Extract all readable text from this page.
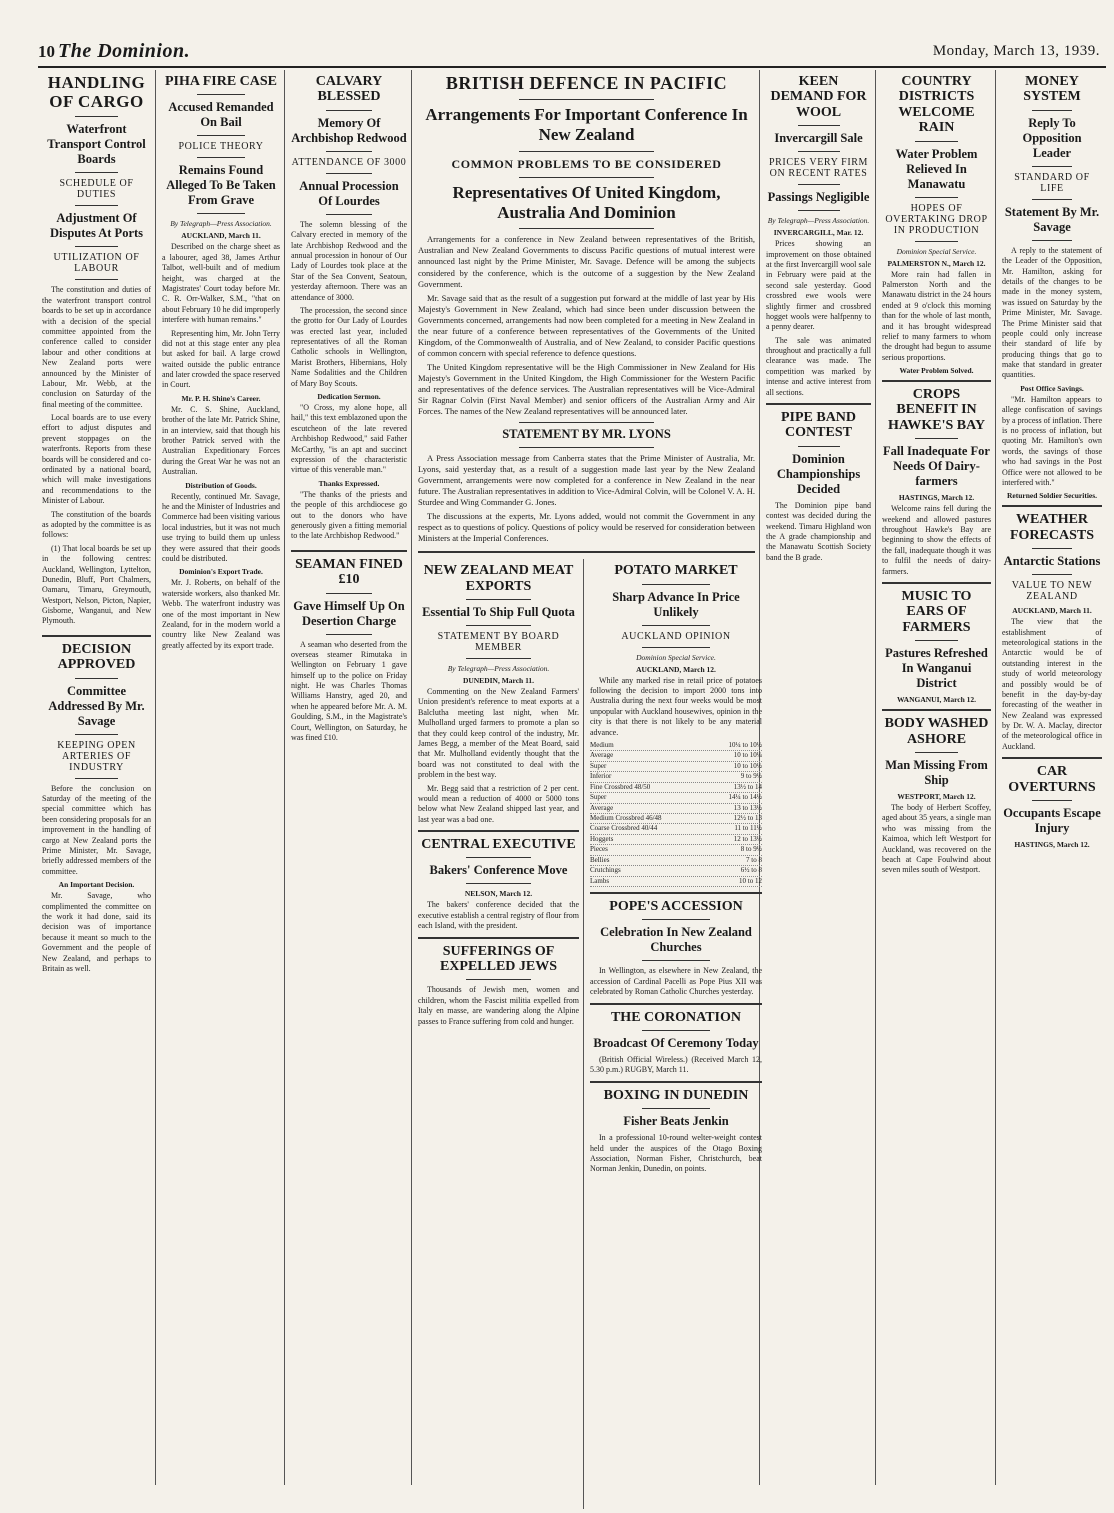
10 The Dominion.	Monday, March 13, 1939.
HANDLING OF CARGO
Waterfront Transport Control Boards
SCHEDULE OF DUTIES
Adjustment Of Disputes At Ports
UTILIZATION OF LABOUR

The constitution and duties of the waterfront transport control boards to be set up in accordance with a decision of the special committee appointed from the conference called to consider labour and other conditions at New Zealand ports were announced by the Minister of Labour, Mr. Webb, at the conclusion on Saturday of the final meeting of the committee.

Local boards are to use every effort to adjust disputes and prevent stoppages on the waterfronts. Reports from these boards will be considered and co-ordinated by a national board, which will make investigations and recommendations to the Minister of Labour.

The constitution of the boards as adopted by the committee is as follows:

(1) That local boards be set up in the following centres: Auckland, Wellington, Lyttelton, Dunedin, Bluff, Port Chalmers, Oamaru, Timaru, Greymouth, Westport, Nelson, Picton, Napier, Gisborne, Wanganui, and New Plymouth.

DECISION APPROVED
Committee Addressed By Mr. Savage
KEEPING OPEN ARTERIES OF INDUSTRY

Before the conclusion on Saturday of the meeting of the special committee which has been considering proposals for an improvement in the handling of cargo at New Zealand ports the Prime Minister, Mr. Savage, briefly addressed members of the committee.

An Important Decision.

Mr. Savage, who complimented the committee on the work it had done, said its decision was of importance because it meant so much to the Government and the people of New Zealand, and perhaps to Britain as well.

PIHA FIRE CASE
Accused Remanded On Bail
POLICE THEORY
Remains Found Alleged To Be Taken From Grave
By Telegraph—Press Association.
AUCKLAND, March 11.

Described on the charge sheet as a labourer, aged 38, James Arthur Talbot, well-built and of medium height, was charged at the Magistrates' Court today before Mr. C. R. Orr-Walker, S.M., "that on about February 10 he did improperly interfere with human remains."

Representing him, Mr. John Terry did not at this stage enter any plea but asked for bail. A large crowd waited outside the public entrance and later crowded the space reserved in Court.

Mr. P. H. Shine's Career.

Mr. C. S. Shine, Auckland, brother of the late Mr. Patrick Shine, in an interview, said that though his brother Patrick served with the Australian Expeditionary Forces during the Great War he was not an Australian.

Distribution of Goods.

Recently, continued Mr. Savage, he and the Minister of Industries and Commerce had been visiting various local industries, but it was not much use trying to build them up unless they were assured that their goods could be distributed.

Dominion's Export Trade.

Mr. J. Roberts, on behalf of the waterside workers, also thanked Mr. Webb. The waterfront industry was one of the most important in New Zealand, for in the modern world a country like New Zealand was greatly affected by its export trade.

CALVARY BLESSED
Memory Of Archbishop Redwood
ATTENDANCE OF 3000
Annual Procession Of Lourdes

The solemn blessing of the Calvary erected in memory of the late Archbishop Redwood and the annual procession in honour of Our Lady of Lourdes took place at the Star of the Sea Convent, Seatoun, yesterday afternoon. There was an attendance of 3000.

The procession, the second since the grotto for Our Lady of Lourdes was erected last year, included representatives of all the Roman Catholic schools in Wellington, Marist Brothers, Hibernians, Holy Name Sodalities and the Children of Mary Boy Scouts.

Dedication Sermon.

"O Cross, my alone hope, all hail," this text emblazoned upon the escutcheon of the late revered Archbishop Redwood," said Father McCarthy, "is an apt and succinct expression of the characteristic virtue of this venerable man."

Thanks Expressed.

"The thanks of the priests and the people of this archdiocese go out to the donors who have generously given a fitting memorial to the late Archbishop Redwood."

SEAMAN FINED £10
Gave Himself Up On Desertion Charge

A seaman who deserted from the overseas steamer Rimutaka in Wellington on February 1 gave himself up to the police on Friday night. He was Charles Thomas Williams Hanstry, aged 20, and when he appeared before Mr. A. M. Goulding, S.M., in the Magistrate's Court, Wellington, on Saturday, he was fined £10.

BRITISH DEFENCE IN PACIFIC
Arrangements For Important Conference In New Zealand
COMMON PROBLEMS TO BE CONSIDERED
Representatives Of United Kingdom, Australia And Dominion

Arrangements for a conference in New Zealand between representatives of the British, Australian and New Zealand Governments to discuss Pacific questions of mutual interest were announced last night by the Prime Minister, Mr. Savage. Defence will be among the subjects considered by the conference, which is the outcome of a suggestion by the New Zealand Government.

Mr. Savage said that as the result of a suggestion put forward at the middle of last year by His Majesty's Government in New Zealand, which had since been under discussion between the Governments concerned, arrangements had now been completed for a meeting in New Zealand in the near future of a conference between representatives of the Governments of the United Kingdom, of the Commonwealth of Australia, and of New Zealand, to consider Pacific questions of common concern with special reference to defence questions.

The United Kingdom representative will be the High Commissioner in New Zealand for His Majesty's Government in the United Kingdom, the High Commissioner for the Western Pacific and representatives of the defence services. The Australian representatives will be Vice-Admiral Sir Ragnar Colvin (First Naval Member) and senior officers of the Australian Army and Air Forces. The names of the New Zealand representatives will be announced later.

STATEMENT BY MR. LYONS

A Press Association message from Canberra states that the Prime Minister of Australia, Mr. Lyons, said yesterday that, as a result of a suggestion made last year by the New Zealand Government, arrangements were now completed for a conference in New Zealand in the near future. The Australian representatives in addition to Vice-Admiral Colvin, will be Colonel V. A. H. Sturdee and Wing Commander G. Jones.

The discussions at the experts, Mr. Lyons added, would not commit the Government in any respect as to questions of policy. Questions of policy would be reserved for consideration between Ministers at the Imperial Conferences.

NEW ZEALAND MEAT EXPORTS
Essential To Ship Full Quota
STATEMENT BY BOARD MEMBER
By Telegraph—Press Association.
DUNEDIN, March 11.

Commenting on the New Zealand Farmers' Union president's reference to meat exports at a Balclutha meeting last night, when Mr. Mulholland urged farmers to promote a plan so that they could keep control of the industry, Mr. James Begg, a member of the Meat Board, said that Mr. Mulholland evidently thought that the board was not constituted to deal with the problem in the best way.

Mr. Begg said that a restriction of 2 per cent. would mean a reduction of 4000 or 5000 tons below what New Zealand shipped last year, and last year was a bad one.

CENTRAL EXECUTIVE
Bakers' Conference Move
NELSON, March 12.

The bakers' conference decided that the executive establish a central registry of flour from each Island, with the president.

SUFFERINGS OF EXPELLED JEWS

Thousands of Jewish men, women and children, whom the Fascist militia expelled from Italy en masse, are wandering along the Alpine passes to France suffering from cold and hunger.

POTATO MARKET
Sharp Advance In Price Unlikely
AUCKLAND OPINION
Dominion Special Service.
AUCKLAND, March 12.

While any marked rise in retail price of potatoes following the decision to import 2000 tons into Australia during the next four weeks would be most unpopular with Auckland housewives, opinion in the city is that there is not likely to be any material advance.

Medium	10¼ to 10½
Average	10 to 10¼
Super	10 to 10½
Inferior	9 to 9½
Fine Crossbred 48/50	13½ to 14
Super	14¼ to 14½
Average	13 to 13½
Medium Crossbred 46/48	12½ to 13
Coarse Crossbred 40/44	11 to 11½
Hoggets	12 to 13½
Pieces	8 to 9½
Bellies	7 to 8
Crutchings	6½ to 8
Lambs	10 to 12
POPE'S ACCESSION
Celebration In New Zealand Churches

In Wellington, as elsewhere in New Zealand, the accession of Cardinal Pacelli as Pope Pius XII was celebrated by Roman Catholic Churches yesterday.

THE CORONATION
Broadcast Of Ceremony Today

(British Official Wireless.) (Received March 12, 5.30 p.m.) RUGBY, March 11.

BOXING IN DUNEDIN
Fisher Beats Jenkin

In a professional 10-round welter-weight contest held under the auspices of the Otago Boxing Association, Norman Fisher, Christchurch, beat Norman Jenkin, Dunedin, on points.

KEEN DEMAND FOR WOOL
Invercargill Sale
PRICES VERY FIRM ON RECENT RATES
Passings Negligible
By Telegraph—Press Association.
INVERCARGILL, Mar. 12.

Prices showing an improvement on those obtained at the first Invercargill wool sale in February were paid at the second sale yesterday. Good crossbred ewe wools were slightly firmer and crossbred hogget wools were halfpenny to a penny dearer.

The sale was animated throughout and practically a full clearance was made. The competition was marked by intense and active interest from all sections.

PIPE BAND CONTEST
Dominion Championships Decided

The Dominion pipe band contest was decided during the weekend. Timaru Highland won the A grade championship and the Manawatu Scottish Society band the B grade.

COUNTRY DISTRICTS WELCOME RAIN
Water Problem Relieved In Manawatu
HOPES OF OVERTAKING DROP IN PRODUCTION
Dominion Special Service.
PALMERSTON N., March 12.

More rain had fallen in Palmerston North and the Manawatu district in the 24 hours ended at 9 o'clock this morning than for the whole of last month, and it has brought widespread relief to many farmers to whom the drought had begun to assume serious proportions.

Water Problem Solved.
CROPS BENEFIT IN HAWKE'S BAY
Fall Inadequate For Needs Of Dairy-farmers
HASTINGS, March 12.

Welcome rains fell during the weekend and allowed pastures throughout Hawke's Bay are beginning to show the effects of the fall, inadequate though it was to fulfil the needs of dairy-farmers.

MUSIC TO EARS OF FARMERS
Pastures Refreshed In Wanganui District
WANGANUI, March 12.
BODY WASHED ASHORE
Man Missing From Ship
WESTPORT, March 12.

The body of Herbert Scoffey, aged about 35 years, a single man who was missing from the Kaimoa, which left Westport for Auckland, was recovered on the beach at Cape Foulwind about seven miles south of Westport.

MONEY SYSTEM
Reply To Opposition Leader
STANDARD OF LIFE
Statement By Mr. Savage

A reply to the statement of the Leader of the Opposition, Mr. Hamilton, asking for details of the changes to be made in the money system, was issued on Saturday by the Prime Minister, Mr. Savage. The Prime Minister said that people could only increase their standard of life by producing things that go to make that standard in greater quantities.

Post Office Savings.

"Mr. Hamilton appears to allege confiscation of savings by a process of inflation. There is no process of inflation, but quoting Mr. Hamilton's own words, the savings of those who had savings in the Post Office were not allowed to be interfered with."

Returned Soldier Securities.
WEATHER FORECASTS
Antarctic Stations
VALUE TO NEW ZEALAND
AUCKLAND, March 11.

The view that the establishment of meteorological stations in the Antarctic would be of outstanding interest in the study of world meteorology and possibly would be of benefit in the day-by-day forecasting of the weather in New Zealand was expressed by Dr. W. A. Maclay, director of the meteorological office in Auckland.

CAR OVERTURNS
Occupants Escape Injury
HASTINGS, March 12.
